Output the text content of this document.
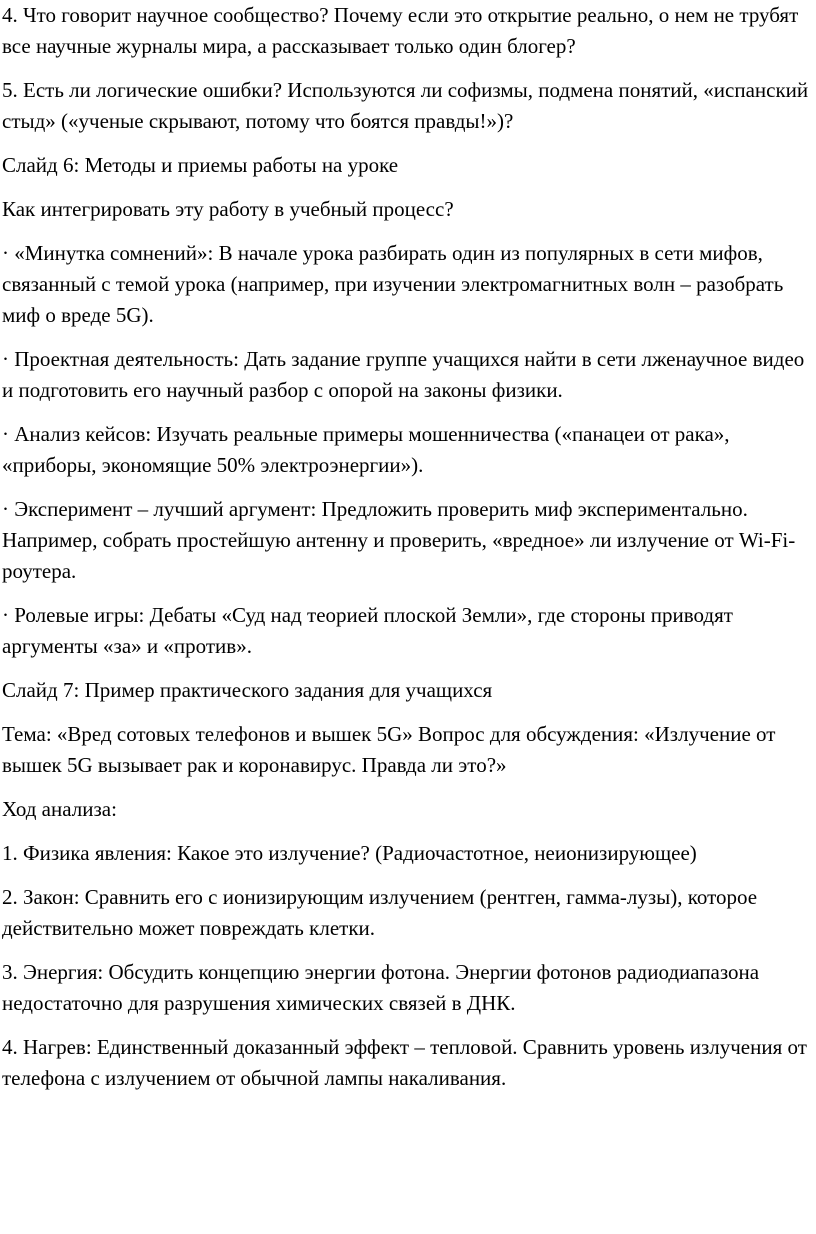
4. Что говорит научное сообщество? Почему если это открытие реально, о нем не трубят все научные журналы мира, а рассказывает только один блогер?

5. Есть ли логические ошибки? Используются ли софизмы, подмена понятий, «испанский стыд» («ученые скрывают, потому что боятся правды!»)?

Слайд 6: Методы и приемы работы на уроке

Как интегрировать эту работу в учебный процесс?

· «Минутка сомнений»: В начале урока разбирать один из популярных в сети мифов, связанный с темой урока (например, при изучении электромагнитных волн – разобрать миф о вреде 5G).

· Проектная деятельность: Дать задание группе учащихся найти в сети лженаучное видео и подготовить его научный разбор с опорой на законы физики.

· Анализ кейсов: Изучать реальные примеры мошенничества («панацеи от рака», «приборы, экономящие 50% электроэнергии»).

· Эксперимент – лучший аргумент: Предложить проверить миф экспериментально. Например, собрать простейшую антенну и проверить, «вредное» ли излучение от Wi-Fi-роутера.

· Ролевые игры: Дебаты «Суд над теорией плоской Земли», где стороны приводят аргументы «за» и «против».

Слайд 7: Пример практического задания для учащихся

Тема: «Вред сотовых телефонов и вышек 5G» Вопрос для обсуждения: «Излучение от вышек 5G вызывает рак и коронавирус. Правда ли это?»

Ход анализа:

1. Физика явления: Какое это излучение? (Радиочастотное, неионизирующее)

2. Закон: Сравнить его с ионизирующим излучением (рентген, гамма-лузы), которое действительно может повреждать клетки.

3. Энергия: Обсудить концепцию энергии фотона. Энергии фотонов радиодиапазона недостаточно для разрушения химических связей в ДНК.

4. Нагрев: Единственный доказанный эффект – тепловой. Сравнить уровень излучения от телефона с излучением от обычной лампы накаливания.
